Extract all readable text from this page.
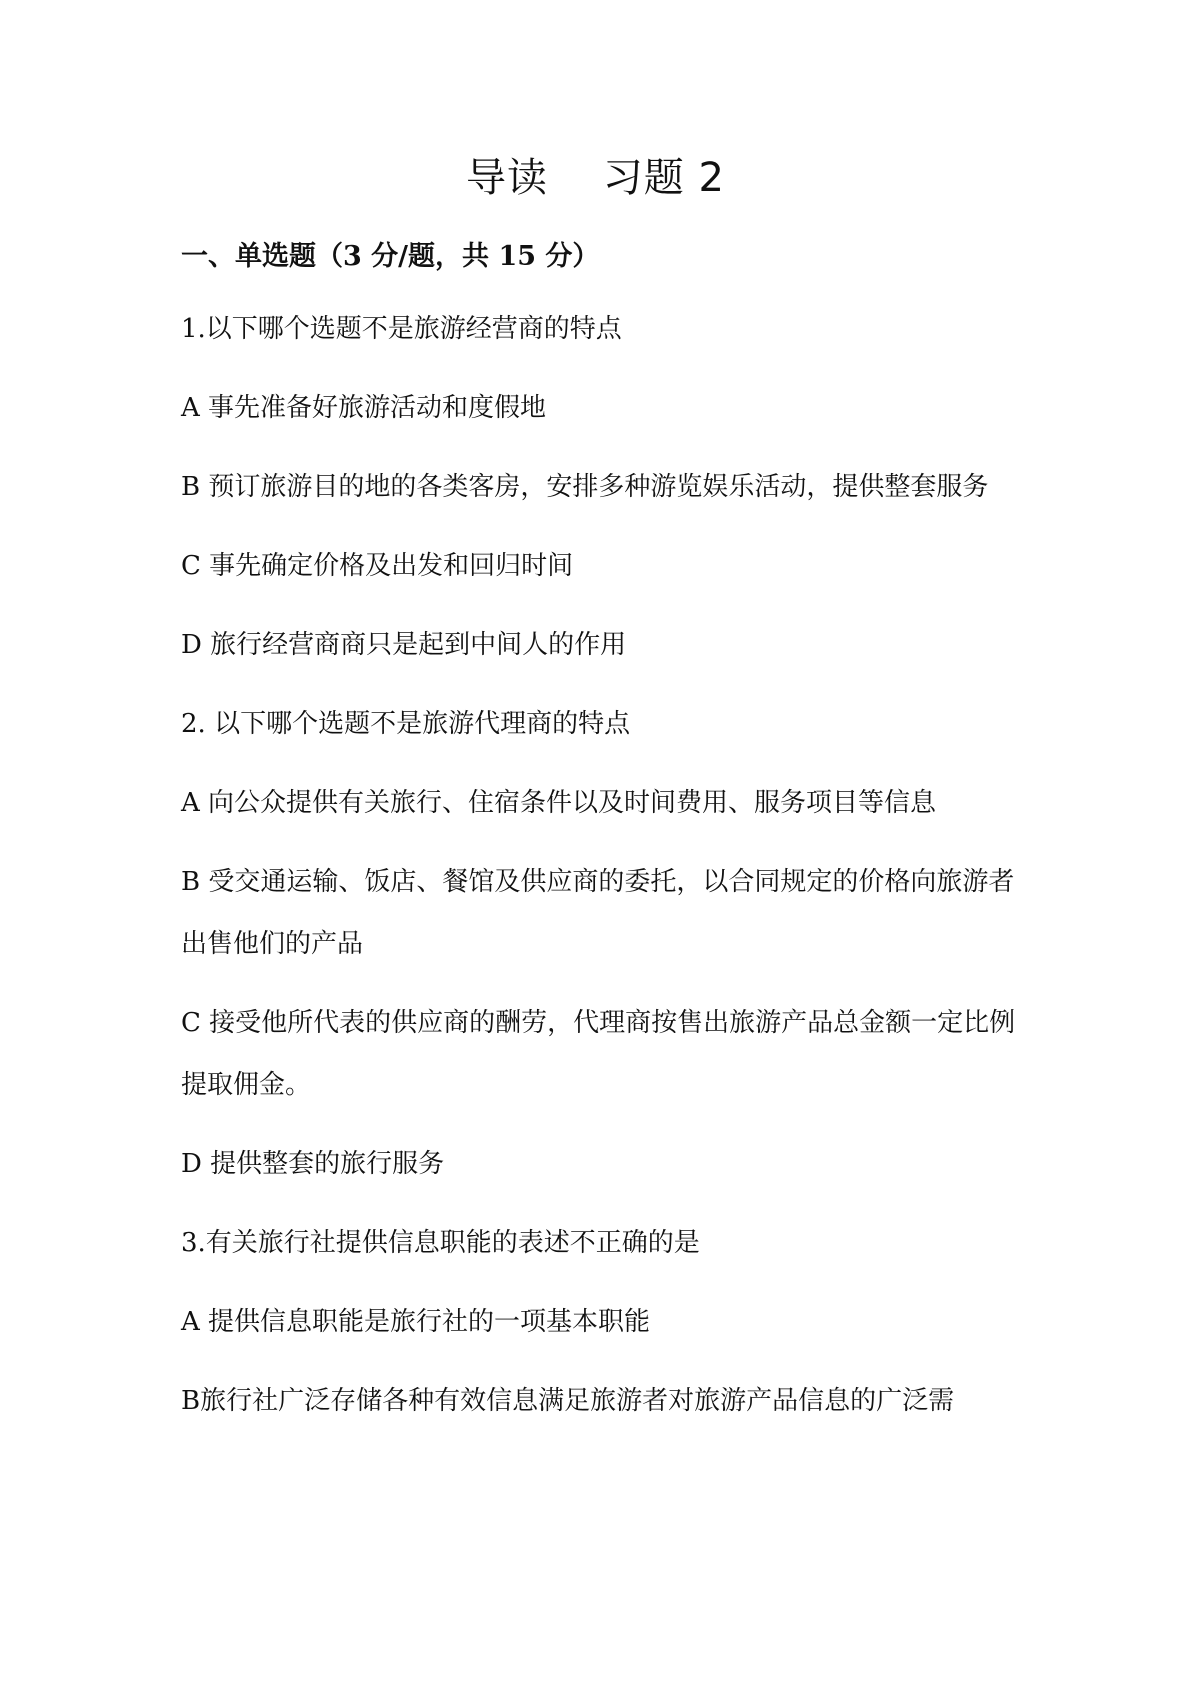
导读　 习题 2
一、单选题（3 分/题，共 15 分）
1.以下哪个选题不是旅游经营商的特点
A 事先准备好旅游活动和度假地
B 预订旅游目的地的各类客房，安排多种游览娱乐活动，提供整套服务
C 事先确定价格及出发和回归时间
D 旅行经营商商只是起到中间人的作用
2. 以下哪个选题不是旅游代理商的特点
A 向公众提供有关旅行、住宿条件以及时间费用、服务项目等信息
B 受交通运输、饭店、餐馆及供应商的委托，以合同规定的价格向旅游者出售他们的产品
C 接受他所代表的供应商的酬劳，代理商按售出旅游产品总金额一定比例提取佣金。
D 提供整套的旅行服务
3.有关旅行社提供信息职能的表述不正确的是
A 提供信息职能是旅行社的一项基本职能
B旅行社广泛存储各种有效信息满足旅游者对旅游产品信息的广泛需
